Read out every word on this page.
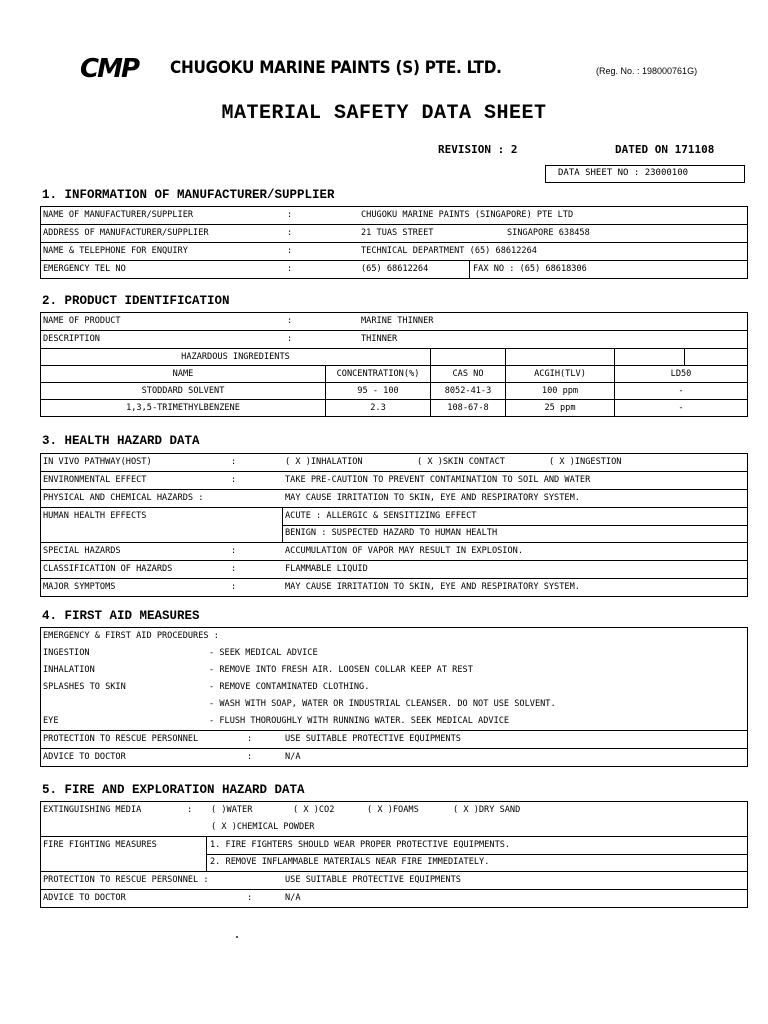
CMP CHUGOKU MARINE PAINTS (S) PTE. LTD.	(Reg. No. : 198000761G)
MATERIAL SAFETY DATA SHEET
REVISION : 2	DATED ON 171108
DATA SHEET NO : 23000100
1. INFORMATION OF MANUFACTURER/SUPPLIER
NAME OF MANUFACTURER/SUPPLIER	:	CHUGOKU MARINE PAINTS (SINGAPORE) PTE LTD
ADDRESS OF MANUFACTURER/SUPPLIER	:	21 TUAS STREET	SINGAPORE 638458
NAME & TELEPHONE FOR ENQUIRY	:	TECHNICAL DEPARTMENT (65) 68612264
EMERGENCY TEL NO	:	(65) 68612264	FAX NO : (65) 68618306
2. PRODUCT IDENTIFICATION
NAME OF PRODUCT	:	MARINE THINNER
DESCRIPTION	:	THINNER
HAZARDOUS INGREDIENTS					
NAME	CONCENTRATION(%)	CAS NO	ACGIH(TLV)	LD50	
STODDARD SOLVENT	95 - 100	8052-41-3	100 ppm	-	
1,3,5-TRIMETHYLBENZENE	2.3	108-67-8	25 ppm	-	
3. HEALTH HAZARD DATA
IN VIVO PATHWAY(HOST)	:	( X )INHALATION	( X )SKIN CONTACT	( X )INGESTION
ENVIRONMENTAL EFFECT	:	TAKE PRE-CAUTION TO PREVENT CONTAMINATION TO SOIL AND WATER
PHYSICAL AND CHEMICAL HAZARDS :	MAY CAUSE IRRITATION TO SKIN, EYE AND RESPIRATORY SYSTEM.
HUMAN HEALTH EFFECTS	ACUTE : ALLERGIC & SENSITIZING EFFECT
BENIGN : SUSPECTED HAZARD TO HUMAN HEALTH
SPECIAL HAZARDS	:	ACCUMULATION OF VAPOR MAY RESULT IN EXPLOSION.
CLASSIFICATION OF HAZARDS	:	FLAMMABLE LIQUID
MAJOR SYMPTOMS	:	MAY CAUSE IRRITATION TO SKIN, EYE AND RESPIRATORY SYSTEM.
4. FIRST AID MEASURES
EMERGENCY & FIRST AID PROCEDURES :
INGESTION	- SEEK MEDICAL ADVICE
INHALATION	- REMOVE INTO FRESH AIR. LOOSEN COLLAR KEEP AT REST
SPLASHES TO SKIN	- REMOVE CONTAMINATED CLOTHING.
- WASH WITH SOAP, WATER OR INDUSTRIAL CLEANSER. DO NOT USE SOLVENT.
EYE	- FLUSH THOROUGHLY WITH RUNNING WATER. SEEK MEDICAL ADVICE
PROTECTION TO RESCUE PERSONNEL	:	USE SUITABLE PROTECTIVE EQUIPMENTS
ADVICE TO DOCTOR	:	N/A
5. FIRE AND EXPLORATION HAZARD DATA
EXTINGUISHING MEDIA	: ( )WATER	( X )CO2	( X )FOAMS	( X )DRY SAND
( X )CHEMICAL POWDER
FIRE FIGHTING MEASURES	1. FIRE FIGHTERS SHOULD WEAR PROPER PROTECTIVE EQUIPMENTS.
2. REMOVE INFLAMMABLE MATERIALS NEAR FIRE IMMEDIATELY.
PROTECTION TO RESCUE PERSONNEL :	USE SUITABLE PROTECTIVE EQUIPMENTS
ADVICE TO DOCTOR	:	N/A
